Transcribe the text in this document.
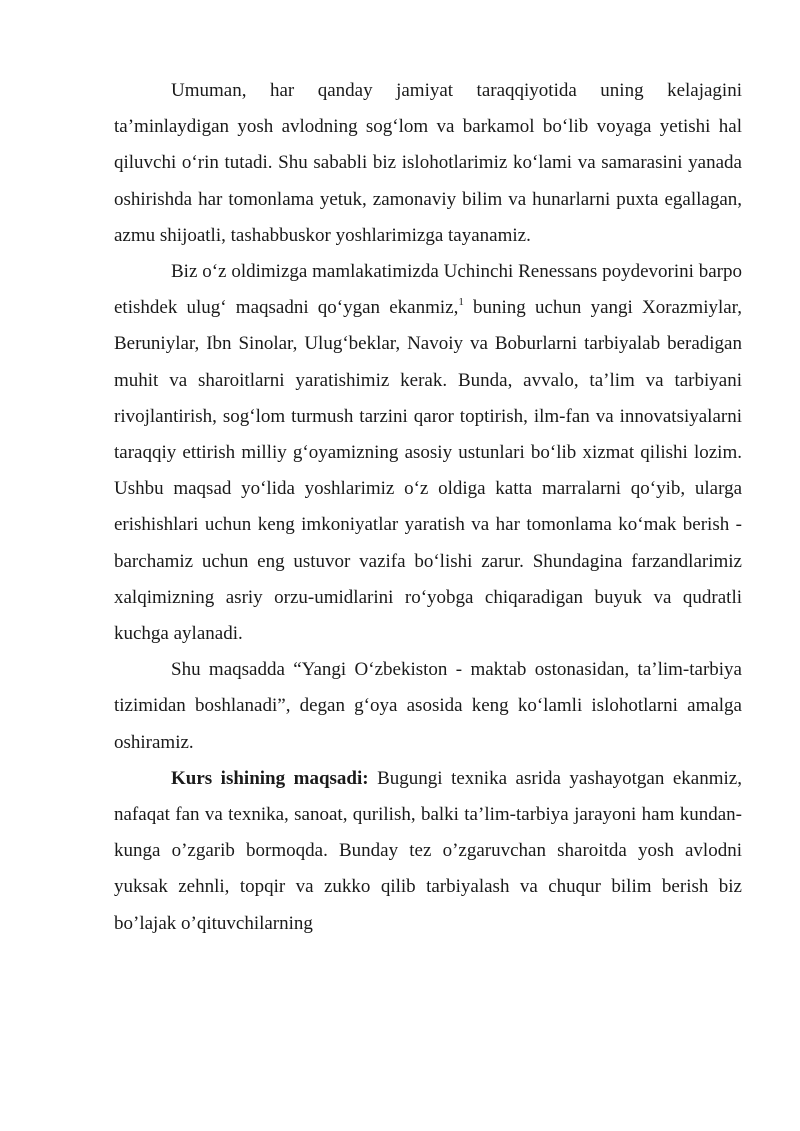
Umuman, har qanday jamiyat taraqqiyotida uning kelajagini ta’minlaydigan yosh avlodning sog‘lom va barkamol bo‘lib voyaga yetishi hal qiluvchi o‘rin tutadi. Shu sababli biz islohotlarimiz ko‘lami va samarasini yanada oshirishda har tomonlama yetuk, zamonaviy bilim va hunarlarni puxta egallagan, azmu shijoatli, tashabbuskor yoshlarimizga tayanamiz.

Biz o‘z oldimizga mamlakatimizda Uchinchi Renessans poydevorini barpo etishdek ulug‘ maqsadni qo‘ygan ekanmiz,$^1$ buning uchun yangi Xorazmiylar, Beruniylar, Ibn Sinolar, Ulug‘beklar, Navoiy va Boburlarni tarbiyalab beradigan muhit va sharoitlarni yaratishimiz kerak. Bunda, avvalo, ta’lim va tarbiyani rivojlantirish, sog‘lom turmush tarzini qaror toptirish, ilm-fan va innovatsiyalarni taraqqiy ettirish milliy g‘oyamizning asosiy ustunlari bo‘lib xizmat qilishi lozim. Ushbu maqsad yo‘lida yoshlarimiz o‘z oldiga katta marralarni qo‘yib, ularga erishishlari uchun keng imkoniyatlar yaratish va har tomonlama ko‘mak berish - barchamiz uchun eng ustuvor vazifa bo‘lishi zarur. Shundagina farzandlarimiz xalqimizning asriy orzu-umidlarini ro‘yobga chiqaradigan buyuk va qudratli kuchga aylanadi.

Shu maqsadda “Yangi O‘zbekiston - maktab ostonasidan, ta’lim-tarbiya tizimidan boshlanadi”, degan g‘oya asosida keng ko‘lamli islohotlarni amalga oshiramiz.

Kurs ishining maqsadi: Bugungi texnika asrida yashayotgan ekanmiz, nafaqat fan va texnika, sanoat, qurilish, balki ta’lim-tarbiya jarayoni ham kundan-kunga o’zgarib bormoqda. Bunday tez o’zgaruvchan sharoitda yosh avlodni yuksak zehnli, topqir va zukko qilib tarbiyalash va chuqur bilim berish biz bo’lajak o’qituvchilarning
